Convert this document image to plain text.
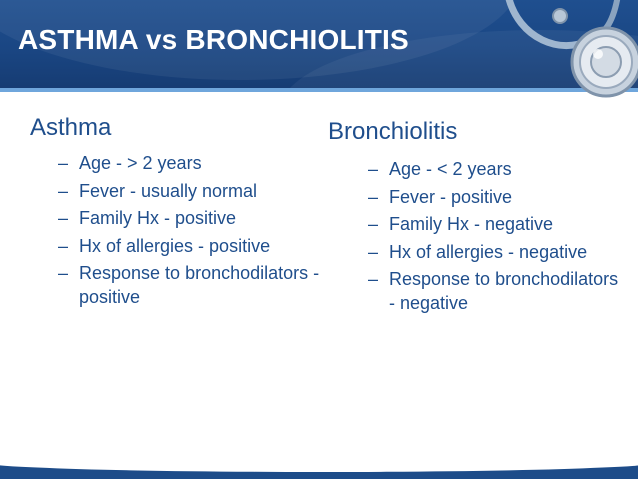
ASTHMA vs BRONCHIOLITIS
Asthma
– Age - > 2 years
– Fever - usually normal
– Family Hx - positive
– Hx of allergies - positive
– Response to bronchodilators - positive
Bronchiolitis
– Age - < 2 years
– Fever - positive
– Family Hx - negative
– Hx of allergies - negative
– Response to bronchodilators - negative
